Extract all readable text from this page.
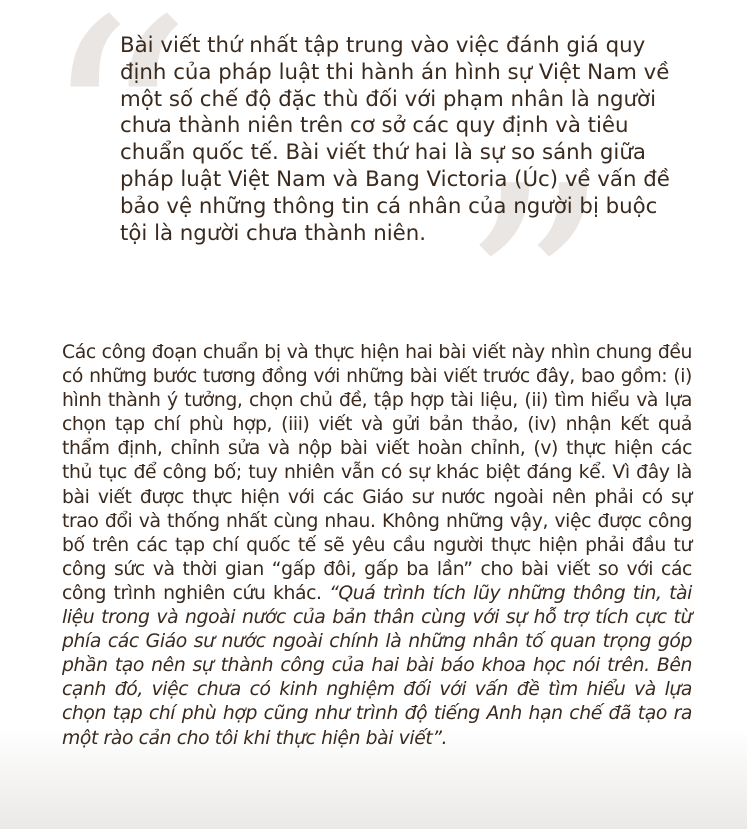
“ ”
Bài viết thứ nhất tập trung vào việc đánh giá quy định của pháp luật thi hành án hình sự Việt Nam về một số chế độ đặc thù đối với phạm nhân là người chưa thành niên trên cơ sở các quy định và tiêu chuẩn quốc tế. Bài viết thứ hai là sự so sánh giữa pháp luật Việt Nam và Bang Victoria (Úc) về vấn đề bảo vệ những thông tin cá nhân của người bị buộc tội là người chưa thành niên.
Các công đoạn chuẩn bị và thực hiện hai bài viết này nhìn chung đều có những bước tương đồng với những bài viết trước đây, bao gồm: (i) hình thành ý tưởng, chọn chủ đề, tập hợp tài liệu, (ii) tìm hiểu và lựa chọn tạp chí phù hợp, (iii) viết và gửi bản thảo, (iv) nhận kết quả thẩm định, chỉnh sửa và nộp bài viết hoàn chỉnh, (v) thực hiện các thủ tục để công bố; tuy nhiên vẫn có sự khác biệt đáng kể. Vì đây là bài viết được thực hiện với các Giáo sư nước ngoài nên phải có sự trao đổi và thống nhất cùng nhau. Không những vậy, việc được công bố trên các tạp chí quốc tế sẽ yêu cầu người thực hiện phải đầu tư công sức và thời gian “gấp đôi, gấp ba lần” cho bài viết so với các công trình nghiên cứu khác. “Quá trình tích lũy những thông tin, tài liệu trong và ngoài nước của bản thân cùng với sự hỗ trợ tích cực từ phía các Giáo sư nước ngoài chính là những nhân tố quan trọng góp phần tạo nên sự thành công của hai bài báo khoa học nói trên. Bên cạnh đó, việc chưa có kinh nghiệm đối với vấn đề tìm hiểu và lựa chọn tạp chí phù hợp cũng như trình độ tiếng Anh hạn chế đã tạo ra một rào cản cho tôi khi thực hiện bài viết”.
